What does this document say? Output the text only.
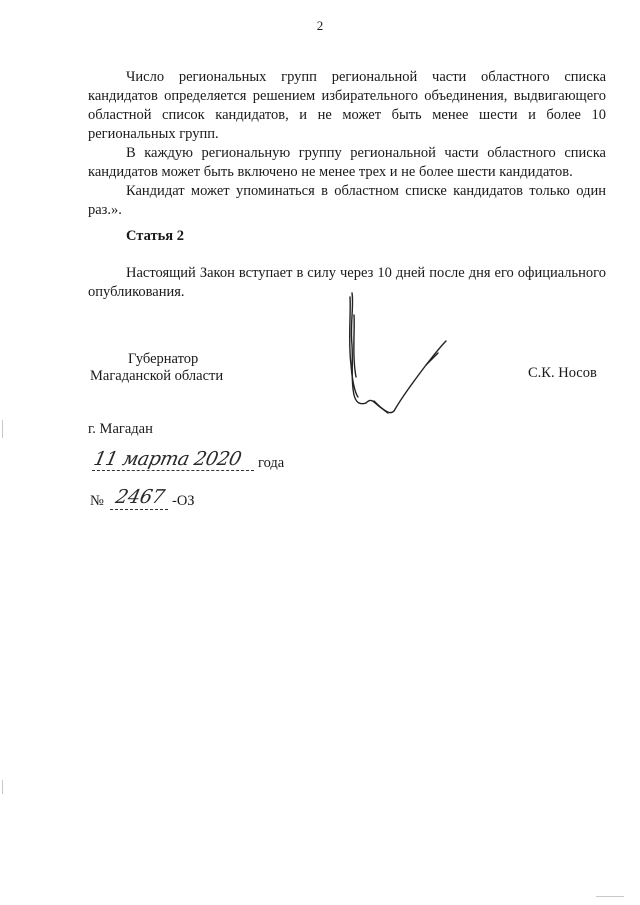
2

Число региональных групп региональной части областного списка кандидатов определяется решением избирательного объединения, выдвигающего областной список кандидатов, и не может быть менее шести и более 10 региональных групп.

В каждую региональную группу региональной части областного списка кандидатов может быть включено не менее трех и не более шести кандидатов.

Кандидат может упоминаться в областном списке кандидатов только один раз.».

Статья 2

Настоящий Закон вступает в силу через 10 дней после дня его официального опубликования.

Губернатор
Магаданской области	С.К. Носов
г. Магадан
11 марта 2020 года
№ 2467 -ОЗ
